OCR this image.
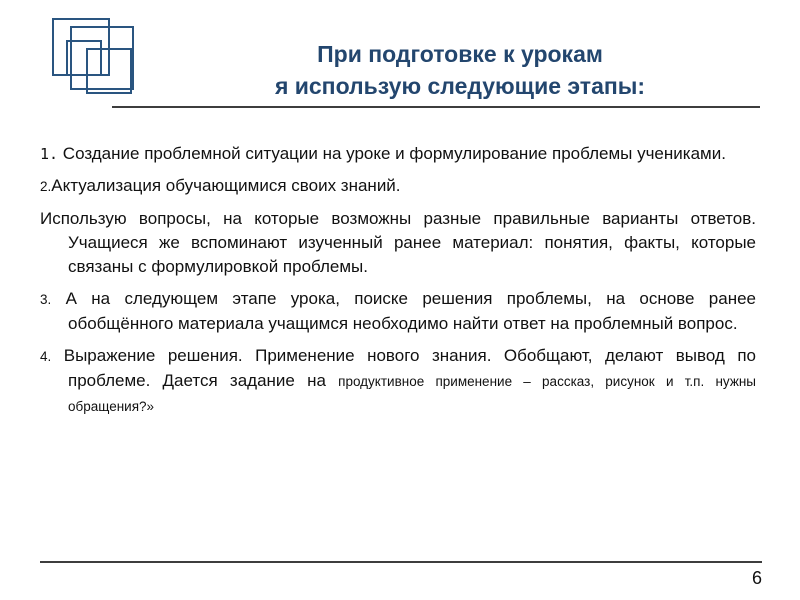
При подготовке к урокам
я использую следующие этапы:

1. Создание проблемной ситуации на уроке и формулирование проблемы учениками.

2.Актуализация обучающимися своих знаний.

Использую вопросы, на которые возможны разные правильные варианты ответов. Учащиеся же вспоминают изученный ранее материал: понятия, факты, которые связаны с формулировкой проблемы.

3. А на следующем этапе урока, поиске решения проблемы, на основе ранее обобщённого материала учащимся необходимо найти ответ на проблемный вопрос.

4. Выражение решения. Применение нового знания. Обобщают, делают вывод по проблеме. Дается задание на продуктивное применение – рассказ, рисунок и т.п. нужны обращения?»

6
